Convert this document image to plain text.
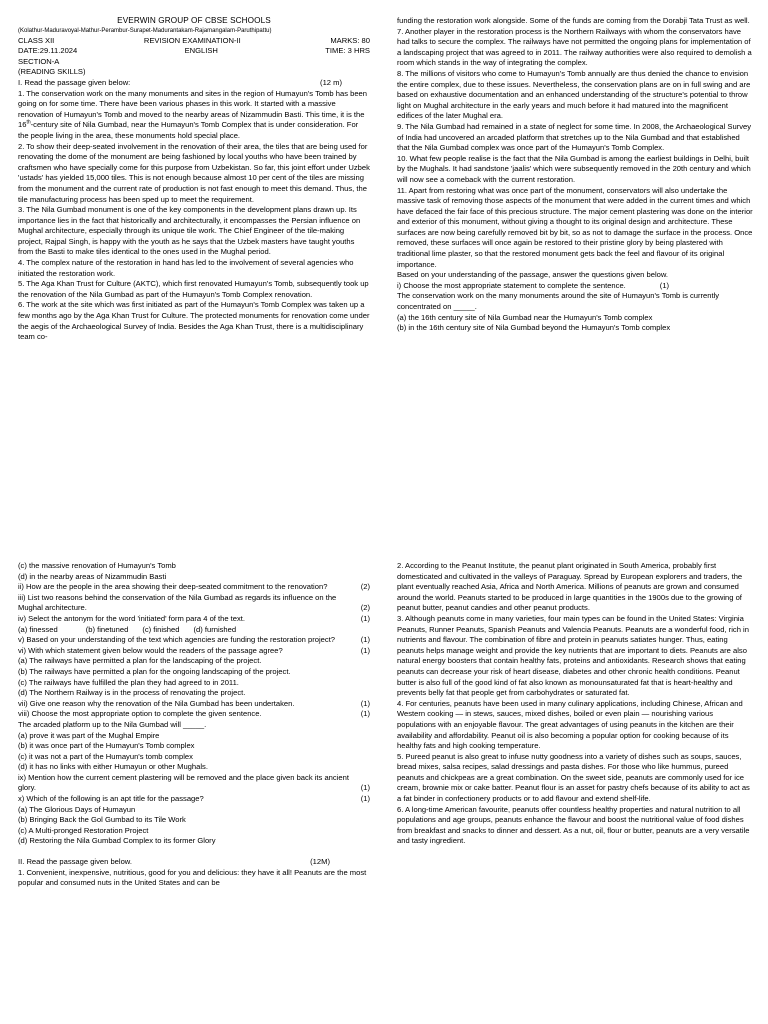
EVERWIN GROUP OF CBSE SCHOOLS

(Kolathur-Maduravoyal-Mathur-Perambur-Surapet-Madurantakam-Rajamangalam-Paruthipattu)

CLASS XII	REVISION EXAMINATION-II	MARKS: 80
DATE:29.11.2024	ENGLISH	TIME: 3 HRS

SECTION-A

(READING SKILLS)

I. Read the passage given below:	(12 m)

1. The conservation work on the many monuments and sites in the region of Humayun's Tomb has been going on for some time. There have been various phases in this work. It started with a massive renovation of Humayun's Tomb and moved to the nearby areas of Nizammudin Basti. This time, it is the 16th-century site of Nila Gumbad, near the Humayun's Tomb Complex that is under consideration. For the people living in the area, these monuments hold special place.

2. To show their deep-seated involvement in the renovation of their area, the tiles that are being used for renovating the dome of the monument are being fashioned by local youths who have been trained by craftsmen who have specially come for this purpose from Uzbekistan. So far, this joint effort under Uzbek 'ustads' has yielded 15,000 tiles. This is not enough because almost 10 per cent of the tiles are missing from the monument and the current rate of production is not fast enough to meet this demand. Thus, the tile manufacturing process has been sped up to meet the requirement.

3. The Nila Gumbad monument is one of the key components in the development plans drawn up. Its importance lies in the fact that historically and architecturally, it encompasses the Persian influence on Mughal architecture, especially through its unique tile work. The Chief Engineer of the tile-making project, Rajpal Singh, is happy with the youth as he says that the Uzbek masters have taught youths from the Basti to make tiles identical to the ones used in the Mughal period.

4. The complex nature of the restoration in hand has led to the involvement of several agencies who initiated the restoration work.

5. The Aga Khan Trust for Culture (AKTC), which first renovated Humayun's Tomb, subsequently took up the renovation of the Nila Gumbad as part of the Humayun's Tomb Complex renovation.

6. The work at the site which was first initiated as part of the Humayun's Tomb Complex was taken up a few months ago by the Aga Khan Trust for Culture. The protected monuments for renovation come under the aegis of the Archaeological Survey of India. Besides the Aga Khan Trust, there is a multidisciplinary team co-

funding the restoration work alongside. Some of the funds are coming from the Dorabji Tata Trust as well.

7. Another player in the restoration process is the Northern Railways with whom the conservators have had talks to secure the complex. The railways have not permitted the ongoing plans for implementation of a landscaping project that was agreed to in 2011. The railway authorities were also required to demolish a room which stands in the way of integrating the complex.

8. The millions of visitors who come to Humayun's Tomb annually are thus denied the chance to envision the entire complex, due to these issues. Nevertheless, the conservation plans are on in full swing and are based on exhaustive documentation and an enhanced understanding of the structure's potential to throw light on Mughal architecture in the early years and much before it had matured into the magnificent edifices of the later Mughal era.

9. The Nila Gumbad had remained in a state of neglect for some time. In 2008, the Archaeological Survey of India had uncovered an arcaded platform that stretches up to the Nila Gumbad and that established that the Nila Gumbad complex was once part of the Humayun's Tomb Complex.

10. What few people realise is the fact that the Nila Gumbad is among the earliest buildings in Delhi, built by the Mughals. It had sandstone 'jaalis' which were subsequently removed in the 20th century and which will now see a comeback with the current restoration.

11. Apart from restoring what was once part of the monument, conservators will also undertake the massive task of removing those aspects of the monument that were added in the current times and which have defaced the fair face of this precious structure. The major cement plastering was done on the interior and exterior of this monument, without giving a thought to its original design and architecture. These surfaces are now being carefully removed bit by bit, so as not to damage the surface in the process. Once removed, these surfaces will once again be restored to their pristine glory by being plastered with traditional lime plaster, so that the restored monument gets back the feel and flavour of its original importance.

Based on your understanding of the passage, answer the questions given below.

i) Choose the most appropriate statement to complete the sentence.	(1)

The conservation work on the many monuments around the site of Humayun's Tomb is currently concentrated on _____.

(a) the 16th century site of Nila Gumbad near the Humayun's Tomb complex

(b) in the 16th century site of Nila Gumbad beyond the Humayun's Tomb complex

(c) the massive renovation of Humayun's Tomb

(d) in the nearby areas of Nizammudin Basti

ii) How are the people in the area showing their deep-seated commitment to the renovation?	(2)
iii) List two reasons behind the conservation of the Nila Gumbad as regards its influence on the Mughal architecture.	(2)
iv) Select the antonym for the word 'initiated' form para 4 of the text.	(1)
(a) finessed	(b) finetuned (c) finished (d) furnished
v) Based on your understanding of the text which agencies are funding the restoration project?	(1)
vi) With which statement given below would the readers of the passage agree?	(1)

(a) The railways have permitted a plan for the landscaping of the project.

(b) The railways have permitted a plan for the ongoing landscaping of the project.

(c) The railways have fulfilled the plan they had agreed to in 2011.

(d) The Northern Railway is in the process of renovating the project.

vii) Give one reason why the renovation of the Nila Gumbad has been undertaken.	(1)
viii) Choose the most appropriate option to complete the given sentence.	(1)

The arcaded platform up to the Nila Gumbad will _____.

(a) prove it was part of the Mughal Empire

(b) it was once part of the Humayun's Tomb complex

(c) it was not a part of the Humayun's tomb complex

(d) it has no links with either Humayun or other Mughals.

ix) Mention how the current cement plastering will be removed and the place given back its ancient glory.	(1)
x) Which of the following is an apt title for the passage?	(1)

(a) The Glorious Days of Humayun

(b) Bringing Back the Gol Gumbad to its Tile Work

(c) A Multi-pronged Restoration Project

(d) Restoring the Nila Gumbad Complex to its former Glory

II. Read the passage given below.	(12M)

1. Convenient, inexpensive, nutritious, good for you and delicious: they have it all! Peanuts are the most popular and consumed nuts in the United States and can be

2. According to the Peanut Institute, the peanut plant originated in South America, probably first domesticated and cultivated in the valleys of Paraguay. Spread by European explorers and traders, the plant eventually reached Asia, Africa and North America. Millions of peanuts are grown and consumed around the world. Peanuts started to be produced in large quantities in the 1900s due to the growing of peanut butter, peanut candies and other peanut products.

3. Although peanuts come in many varieties, four main types can be found in the United States: Virginia Peanuts, Runner Peanuts, Spanish Peanuts and Valencia Peanuts. Peanuts are a wonderful food, rich in nutrients and flavour. The combination of fibre and protein in peanuts satiates hunger. Thus, eating peanuts helps manage weight and provide the key nutrients that are important to diets. Peanuts are also natural energy boosters that contain healthy fats, proteins and antioxidants. Research shows that eating peanuts can decrease your risk of heart disease, diabetes and other chronic health conditions. Peanut butter is also full of the good kind of fat also known as monounsaturated fat that is heart-healthy and prevents belly fat that people get from carbohydrates or saturated fat.

4. For centuries, peanuts have been used in many culinary applications, including Chinese, African and Western cooking — in stews, sauces, mixed dishes, boiled or even plain — nourishing various populations with an enjoyable flavour. The great advantages of using peanuts in the kitchen are their availability and affordability. Peanut oil is also becoming a popular option for cooking because of its healthy fats and high cooking temperature.

5. Pureed peanut is also great to infuse nutty goodness into a variety of dishes such as soups, sauces, bread mixes, salsa recipes, salad dressings and pasta dishes. For those who like hummus, pureed peanuts and chickpeas are a great combination. On the sweet side, peanuts are commonly used for ice cream, brownie mix or cake batter. Peanut flour is an asset for pastry chefs because of its ability to act as a fat binder in confectionery products or to add flavour and extend shelf-life.

6. A long-time American favourite, peanuts offer countless healthy properties and natural nutrition to all populations and age groups, peanuts enhance the flavour and boost the nutritional value of food dishes from breakfast and snacks to dinner and dessert. As a nut, oil, flour or butter, peanuts are a very versatile and tasty ingredient.
